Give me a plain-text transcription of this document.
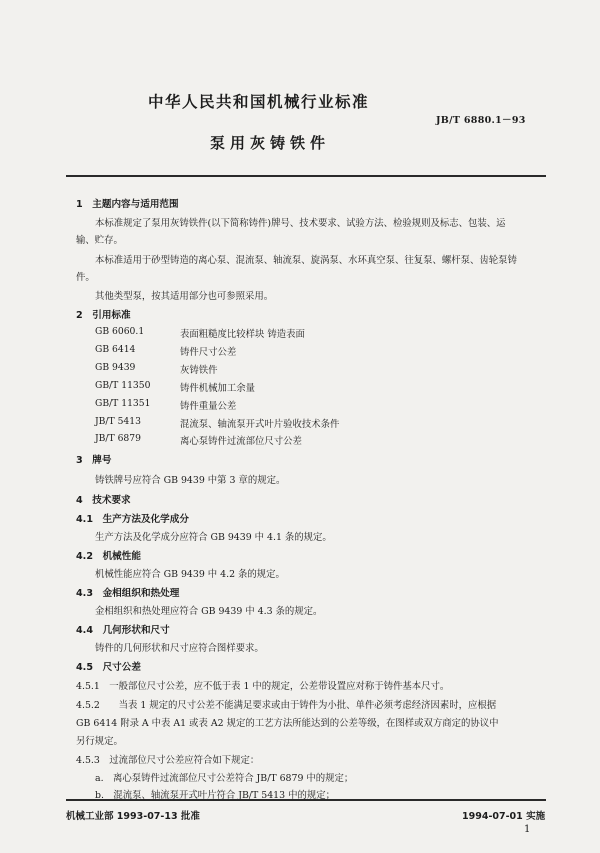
中华人民共和国机械行业标准
JB/T 6880.1－93
泵用灰铸铁件
1　主题内容与适用范围
本标准规定了泵用灰铸铁件(以下简称铸件)牌号、技术要求、试验方法、检验规则及标志、包装、运
输、贮存。
本标准适用于砂型铸造的离心泵、混流泵、轴流泵、旋涡泵、水环真空泵、往复泵、螺杆泵、齿轮泵铸
件。
其他类型泵，按其适用部分也可参照采用。
2　引用标准
GB 6060.1	表面粗糙度比较样块 铸造表面
GB 6414	铸件尺寸公差
GB 9439	灰铸铁件
GB/T 11350	铸件机械加工余量
GB/T 11351	铸件重量公差
JB/T 5413	混流泵、轴流泵开式叶片验收技术条件
JB/T 6879	离心泵铸件过流部位尺寸公差
3　牌号
铸铁牌号应符合 GB 9439 中第 3 章的规定。
4　技术要求
4.1　生产方法及化学成分
生产方法及化学成分应符合 GB 9439 中 4.1 条的规定。
4.2　机械性能
机械性能应符合 GB 9439 中 4.2 条的规定。
4.3　金相组织和热处理
金相组织和热处理应符合 GB 9439 中 4.3 条的规定。
4.4　几何形状和尺寸
铸件的几何形状和尺寸应符合图样要求。
4.5　尺寸公差
4.5.1　一般部位尺寸公差，应不低于表 1 中的规定，公差带设置应对称于铸件基本尺寸。
4.5.2　　当表 1 规定的尺寸公差不能满足要求或由于铸件为小批、单件必须考虑经济因素时，应根据
GB 6414 附录 A 中表 A1 或表 A2 规定的工艺方法所能达到的公差等级，在图样或双方商定的协议中
另行规定。
4.5.3　过流部位尺寸公差应符合如下规定：
a.　离心泵铸件过流部位尺寸公差符合 JB/T 6879 中的规定；
b.　混流泵、轴流泵开式叶片符合 JB/T 5413 中的规定；
机械工业部 1993-07-13 批准	1994-07-01 实施
1
